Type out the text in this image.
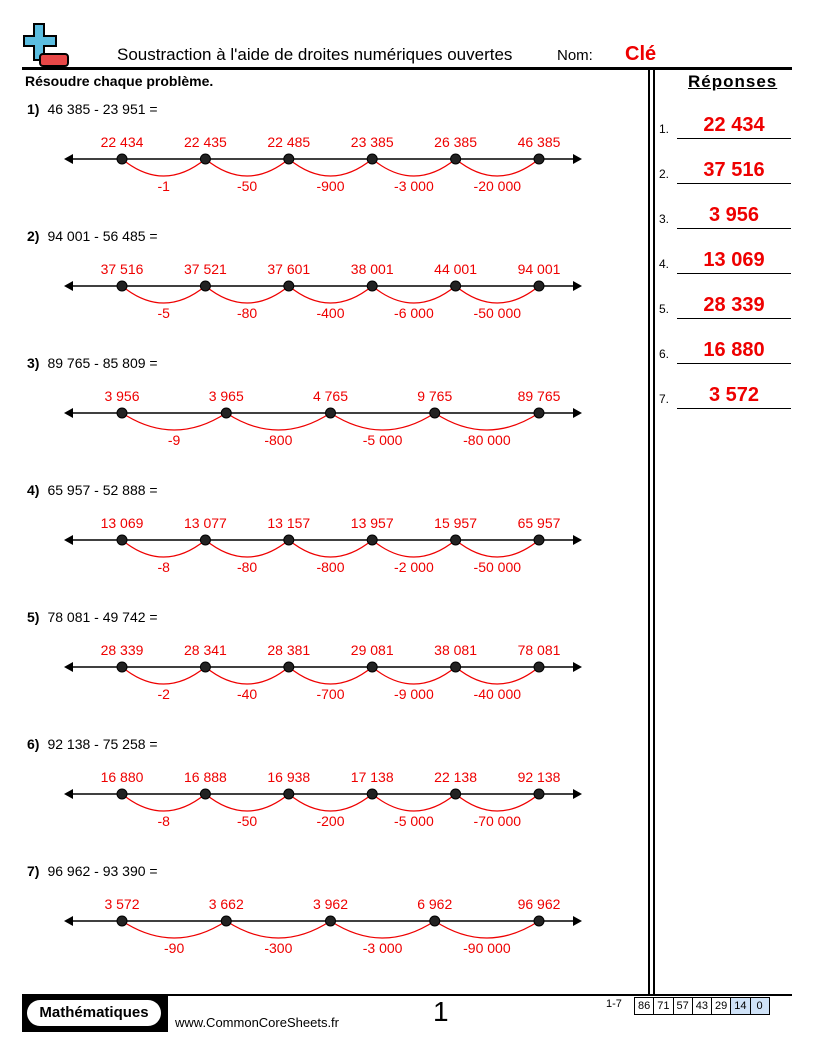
Soustraction à l'aide de droites numériques ouvertes	Nom: Clé
Résoudre chaque problème.	Réponses
1.	22 434
2.	37 516
3.	3 956
4.	13 069
5.	28 339
6.	16 880
7.	3 572
1) 46 385 - 23 951 =
-1	-50	-900	-3 000	-20 000
22 434	22 435	22 485	23 385	26 385	46 385
2) 94 001 - 56 485 =
-5	-80	-400	-6 000	-50 000
37 516	37 521	37 601	38 001	44 001	94 001
3) 89 765 - 85 809 =
-9	-800	-5 000	-80 000
3 956	3 965	4 765	9 765	89 765
4) 65 957 - 52 888 =
-8	-80	-800	-2 000	-50 000
13 069	13 077	13 157	13 957	15 957	65 957
5) 78 081 - 49 742 =
-2	-40	-700	-9 000	-40 000
28 339	28 341	28 381	29 081	38 081	78 081
6) 92 138 - 75 258 =
-8	-50	-200	-5 000	-70 000
16 880	16 888	16 938	17 138	22 138	92 138
7) 96 962 - 93 390 =
-90	-300	-3 000	-90 000
3 572	3 662	3 962	6 962	96 962
Mathématiques
www.CommonCoreSheets.fr	1	1-7 86 71 57 43 29 14 0
